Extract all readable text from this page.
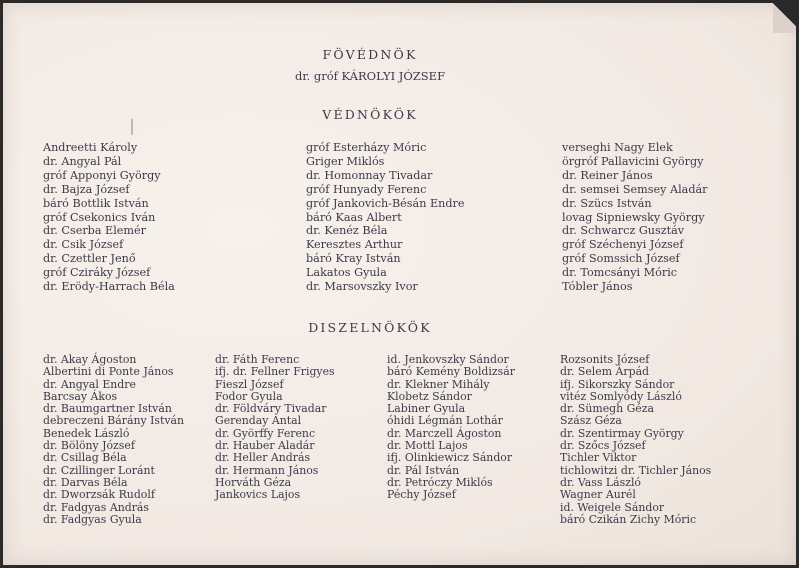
FÖVÉDNÖK
dr. gróf KÁROLYI JÓZSEF
VÉDNÖKÖK
Andreetti Károly
dr. Angyal Pál
gróf Apponyi György
dr. Bajza József
báró Bottlik István
gróf Csekonics Iván
dr. Cserba Elemér
dr. Csik József
dr. Czettler Jenő
gróf Cziráky József
dr. Erödy-Harrach Béla
gróf Esterházy Móric
Griger Miklós
dr. Homonnay Tivadar
gróf Hunyady Ferenc
gróf Jankovich-Bésán Endre
báró Kaas Albert
dr. Kenéz Béla
Keresztes Arthur
báró Kray István
Lakatos Gyula
dr. Marsovszky Ivor
verseghi Nagy Elek
örgróf Pallavicini György
dr. Reiner János
dr. semsei Semsey Aladár
dr. Szücs István
lovag Sipniewsky György
dr. Schwarcz Gusztáv
gróf Széchenyi József
gróf Somssich József
dr. Tomcsányi Móric
Tóbler János
DISZELNÖKÖK
dr. Akay Ágoston
Albertini di Ponte János
dr. Angyal Endre
Barcsay Ákos
dr. Baumgartner István
debreczeni Bárány István
Benedek László
dr. Bölöny József
dr. Csillag Béla
dr. Czillinger Loránt
dr. Darvas Béla
dr. Dworzsák Rudolf
dr. Fadgyas András
dr. Fadgyas Gyula
dr. Fáth Ferenc
ifj. dr. Fellner Frigyes
Fieszl József
Fodor Gyula
dr. Földváry Tivadar
Gerenday Antal
dr. Györffy Ferenc
dr. Hauber Aladár
dr. Heller András
dr. Hermann János
Horváth Géza
Jankovics Lajos
id. Jenkovszky Sándor
báró Kemény Boldizsár
dr. Klekner Mihály
Klobetz Sándor
Labiner Gyula
óhidi Légmán Lothár
dr. Marczell Ágoston
dr. Mottl Lajos
ifj. Olinkiewicz Sándor
dr. Pál István
dr. Petróczy Miklós
Péchy József
Rozsonits József
dr. Selem Árpád
ifj. Sikorszky Sándor
vitéz Somlyódy László
dr. Sümegh Géza
Szász Géza
dr. Szentirmay György
dr. Szőcs József
Tichler Viktor
tichlowitzi dr. Tichler János
dr. Vass László
Wagner Aurél
id. Weigele Sándor
báró Czikán Zichy Móric
